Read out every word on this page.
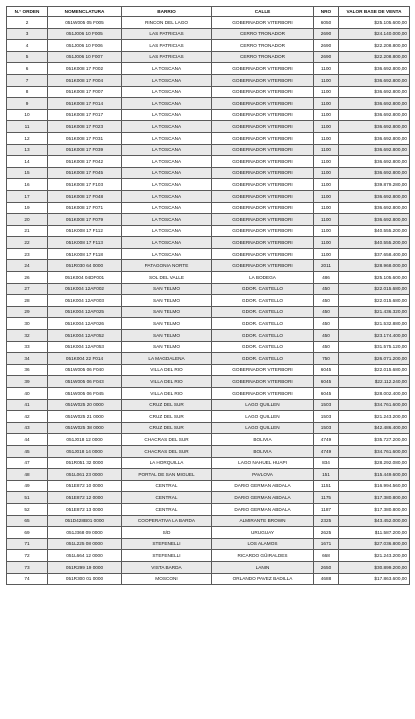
N.° ORDEN	NOMENCLATURA	BARRIO	CALLE	NRO	VALOR BASE DE VENTA
2	051W005 05 F005	RINCON DEL LAGO	GOBERNADOR VITERBORI	6050	$25.105.600,00
3	051J006 10 F005	LAS PATRICIAS	CERRO TRONADOR	2690	$24.140.000,00
4	051J006 10 F006	LAS PATRICIAS	CERRO TRONADOR	2690	$22.208.800,00
5	051J006 10 F007	LAS PATRICIAS	CERRO TRONADOR	2690	$22.208.800,00
6	051K008 17 F002	LA TOSCANA	GOBERNADOR VITERBORI	1100	$36.692.800,00
7	051K008 17 F004	LA TOSCANA	GOBERNADOR VITERBORI	1100	$36.692.800,00
8	051K008 17 F007	LA TOSCANA	GOBERNADOR VITERBORI	1100	$36.692.800,00
9	051K008 17 F014	LA TOSCANA	GOBERNADOR VITERBORI	1100	$36.692.800,00
10	051K008 17 F017	LA TOSCANA	GOBERNADOR VITERBORI	1100	$36.692.800,00
11	051K008 17 F023	LA TOSCANA	GOBERNADOR VITERBORI	1100	$36.692.800,00
12	051K008 17 F031	LA TOSCANA	GOBERNADOR VITERBORI	1100	$36.692.800,00
13	051K008 17 F039	LA TOSCANA	GOBERNADOR VITERBORI	1100	$36.692.800,00
14	051K008 17 F042	LA TOSCANA	GOBERNADOR VITERBORI	1100	$36.692.800,00
15	051K008 17 F045	LA TOSCANA	GOBERNADOR VITERBORI	1100	$36.692.800,00
16	051K008 17 F103	LA TOSCANA	GOBERNADOR VITERBORI	1100	$39.879.280,00
17	051K008 17 F048	LA TOSCANA	GOBERNADOR VITERBORI	1100	$36.692.800,00
19	051K008 17 F071	LA TOSCANA	GOBERNADOR VITERBORI	1100	$36.692.800,00
20	051K008 17 F079	LA TOSCANA	GOBERNADOR VITERBORI	1100	$36.692.800,00
21	051K008 17 F112	LA TOSCANA	GOBERNADOR VITERBORI	1100	$40.555.200,00
22	051K008 17 F113	LA TOSCANA	GOBERNADOR VITERBORI	1100	$40.555.200,00
23	051K008 17 F118	LA TOSCANA	GOBERNADOR VITERBORI	1100	$37.658.400,00
24	051R030 64 0000	PATAGONIA NORTE	GOBERNADOR VITERBORI	2011	$28.968.000,00
26	051K004 04DF001	SOL DEL VALLE	LA BODEGA	486	$25.105.600,00
27	051K004 12AF002	SAN TELMO	GDOR. CASTELLO	450	$22.015.680,00
28	051K004 12AF003	SAN TELMO	GDOR. CASTELLO	450	$22.015.680,00
29	051K004 12AF025	SAN TELMO	GDOR. CASTELLO	450	$21.436.320,00
30	051K004 12AF026	SAN TELMO	GDOR. CASTELLO	450	$21.532.880,00
32	051K004 12AF052	SAN TELMO	GDOR. CASTELLO	450	$23.174.400,00
33	051K004 12AF053	SAN TELMO	GDOR. CASTELLO	450	$31.575.120,00
34	051K004 22 F014	LA MAGDALENA	GDOR. CASTELLO	750	$26.071.200,00
36	051W005 06 F040	VILLA DEL RIO	GOBERNADOR VITERBORI	6045	$22.015.680,00
39	051W005 06 F043	VILLA DEL RIO	GOBERNADOR VITERBORI	6045	$22.112.240,00
40	051W005 06 F045	VILLA DEL RIO	GOBERNADOR VITERBORI	6045	$28.002.400,00
41	051W025 20 0000	CRUZ DEL SUR	LAGO QUILLEN	1503	$34.761.600,00
42	051W025 21 0000	CRUZ DEL SUR	LAGO QUILLEN	1503	$21.243.200,00
43	051W025 38 0000	CRUZ DEL SUR	LAGO QUILLEN	1503	$42.486.400,00
44	051J018 12 0000	CHACRAS DEL SUR	BOLIVIA	4749	$35.727.200,00
45	051J018 14 0000	CHACRAS DEL SUR	BOLIVIA	4749	$34.761.600,00
47	051R051 32 0000	LA HORQUILLA	LAGO NAHUEL HUAPI	834	$28.292.080,00
48	051L061 23 0000	PORTAL DE SAN MIGUEL	PAVLOVA	151	$15.449.600,00
49	051E872 10 0000	CENTRAL	DARIO GERMAN ABDALA	1151	$16.994.560,00
51	051E872 12 0000	CENTRAL	DARIO GERMAN ABDALA	1175	$17.380.800,00
52	051E872 13 0000	CENTRAL	DARIO GERMAN ABDALA	1187	$17.380.800,00
65	051D428B01 0000	COOPERATIVA LA BARDA	ALMIRANTE BROWN	2325	$43.452.000,00
69	051J368 09 0000	S/D	URUGUAY	2625	$11.587.200,00
71	051L225 08 0000	STEFENELLI	LOS ALAMOS	1671	$27.036.800,00
72	051L664 12 0000	STEFENELLI	RICARDO GÜIRALDES	668	$21.243.200,00
73	051R299 19 0000	VISTA BARDA	LANIN	2650	$30.899.200,00
74	051R300 01 0000	MOSCONI	ORLANDO PAVEZ BADILLA	4688	$17.863.600,00
